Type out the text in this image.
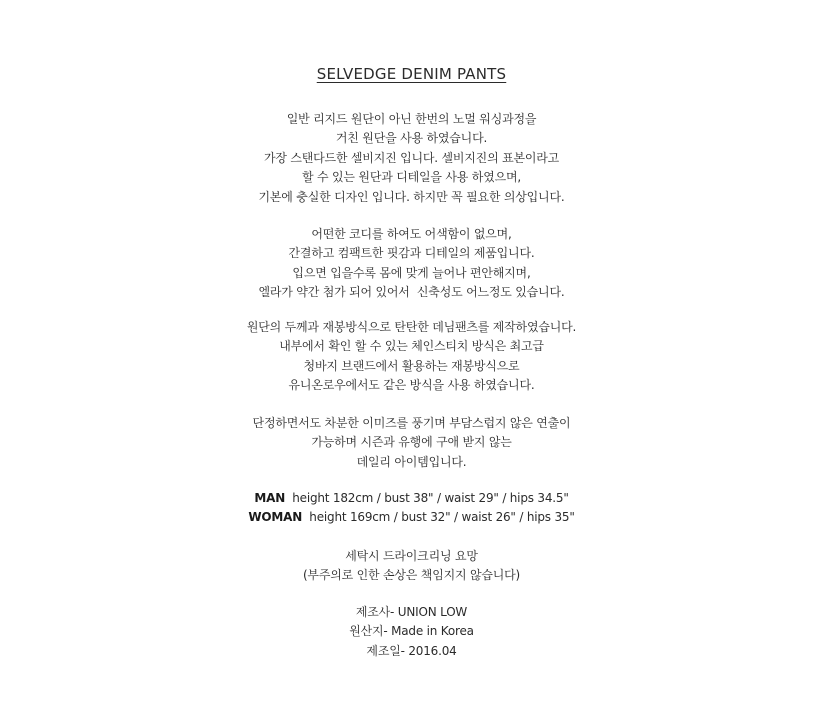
SELVEDGE DENIM PANTS
일반 리지드 원단이 아닌 한번의 노멀 워싱과정을
거친 원단을 사용 하였습니다.
가장 스탠다드한 셀비지진 입니다. 셀비지진의 표본이라고
할 수 있는 원단과 디테일을 사용 하였으며,
기본에 충실한 디자인 입니다. 하지만 꼭 필요한 의상입니다.
어떤한 코디를 하여도 어색함이 없으며,
간결하고 컴팩트한 핏감과 디테일의 제품입니다.
입으면 입을수록 몸에 맞게 늘어나 편안해지며,
엘라가 약간 첨가 되어 있어서  신축성도 어느정도 있습니다.
원단의 두께과 재봉방식으로 탄탄한 데님팬츠를 제작하였습니다.
내부에서 확인 할 수 있는 체인스티치 방식은 최고급
청바지 브랜드에서 활용하는 재봉방식으로
유니온로우에서도 같은 방식을 사용 하였습니다.
단정하면서도 차분한 이미즈를 풍기며 부담스럽지 않은 연출이
가능하며 시즌과 유행에 구애 받지 않는
데일리 아이템입니다.
MAN  height 182cm / bust 38" / waist 29" / hips 34.5"
WOMAN  height 169cm / bust 32" / waist 26" / hips 35"
세탁시 드라이크리닝 요망
(부주의로 인한 손상은 책임지지 않습니다)
제조사- UNION LOW
원산지- Made in Korea
제조일- 2016.04
